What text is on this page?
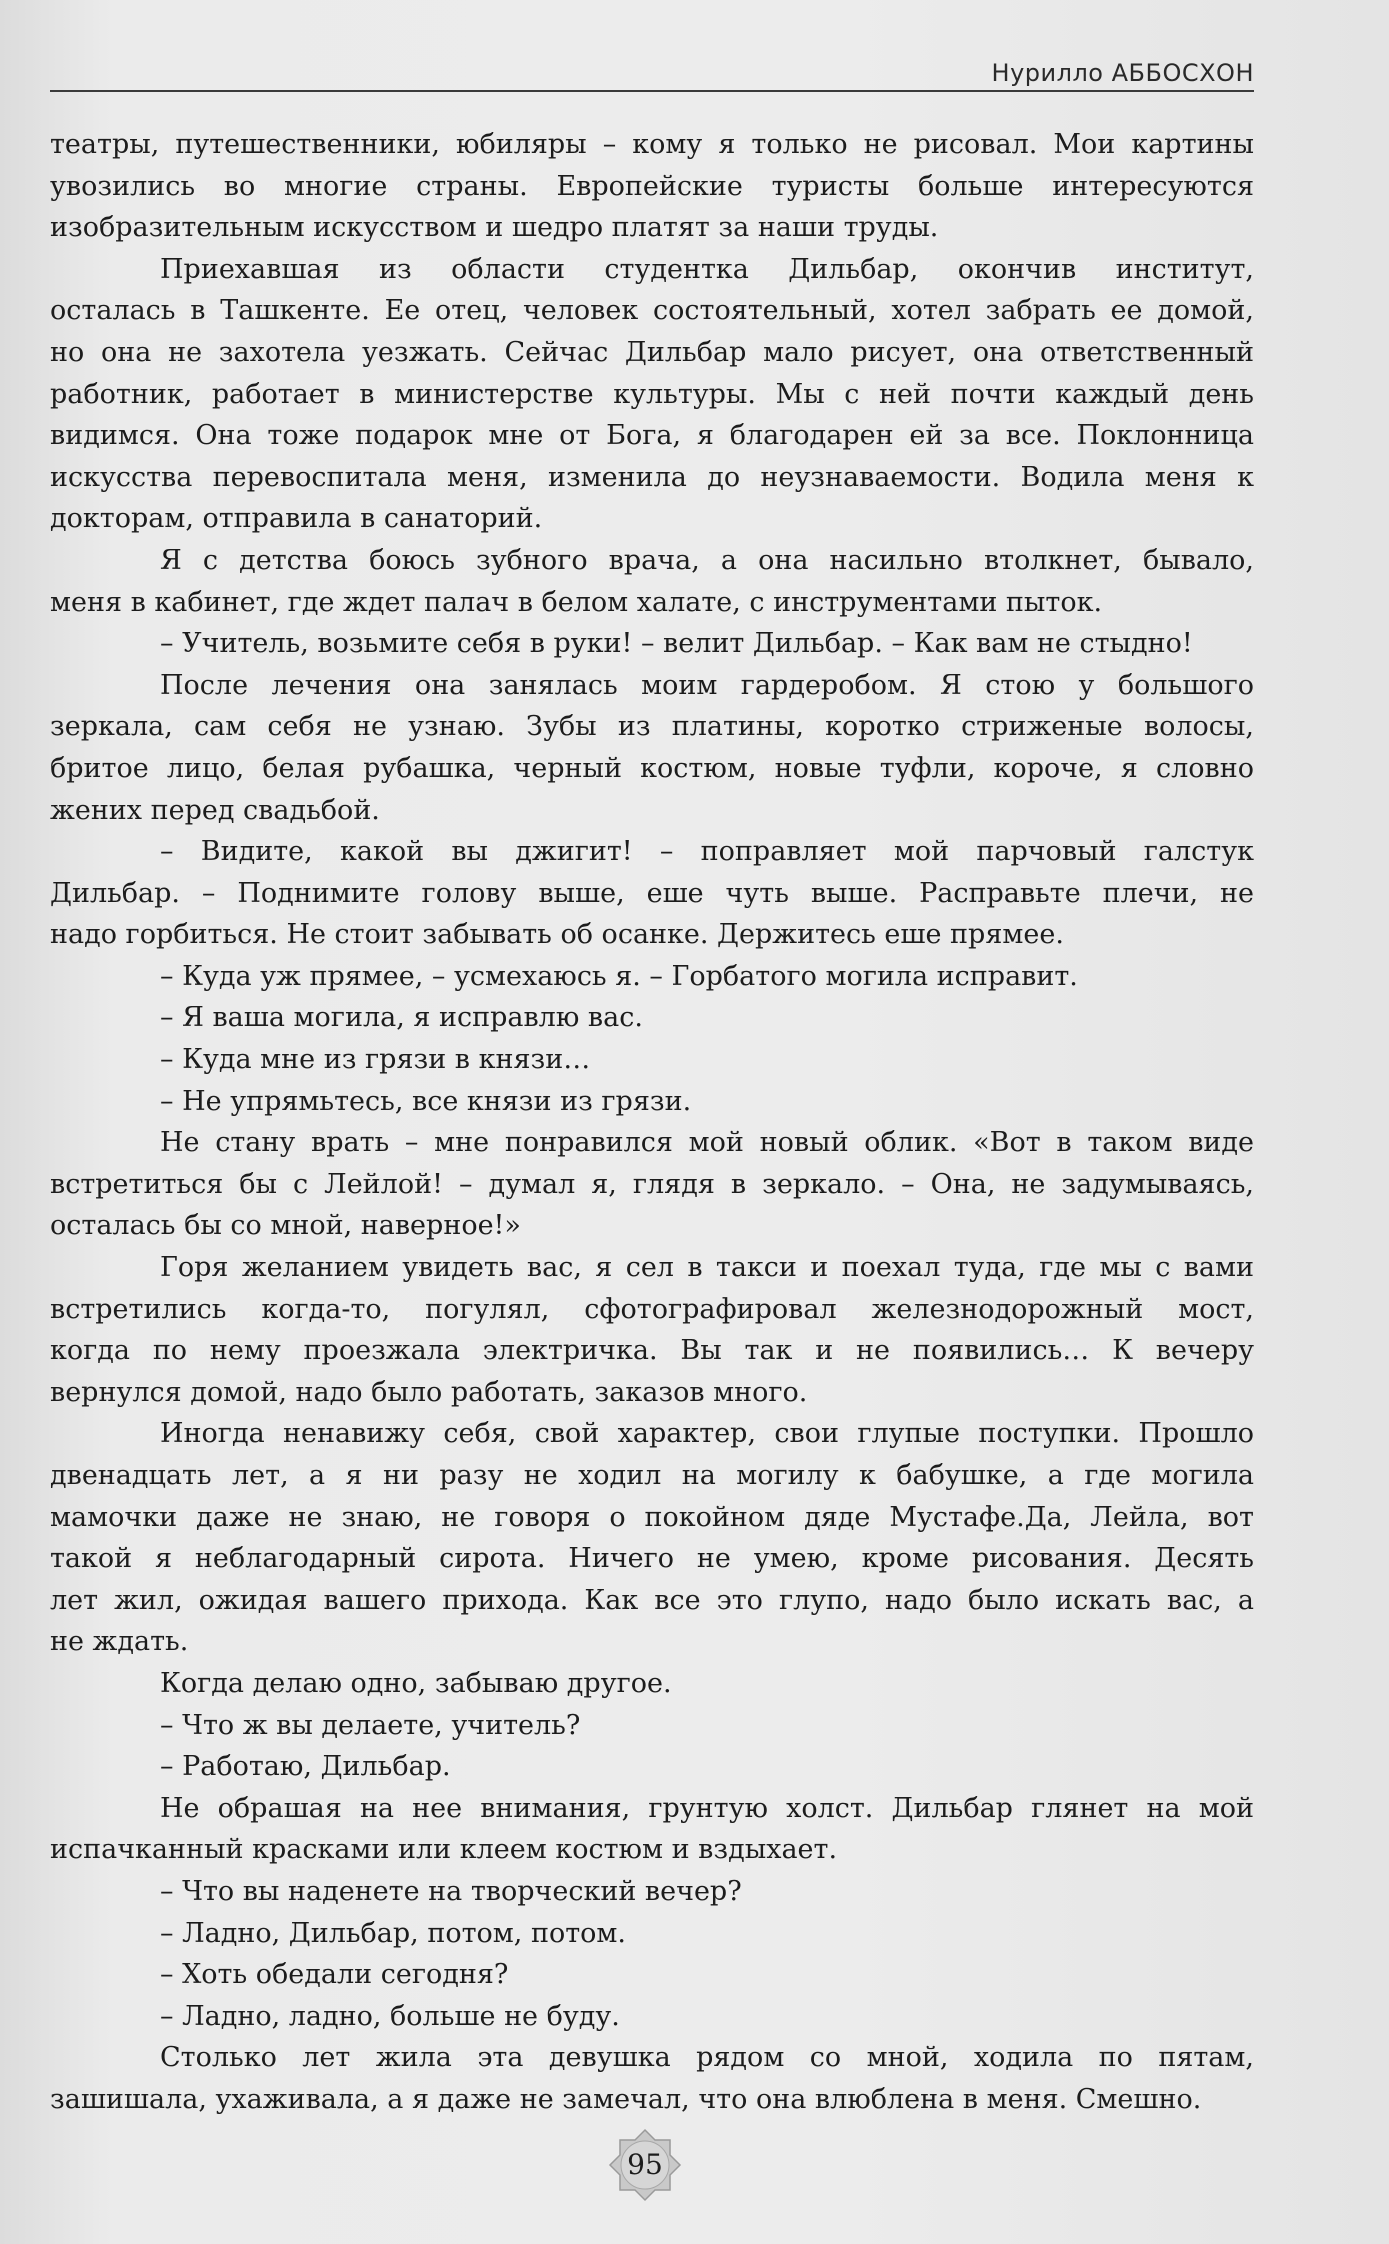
Нурилло АББОСХОН
театры, путешественники, юбиляры – кому я только не рисовал. Мои картины
увозились во многие страны. Европейские туристы больше интересуются
изобразительным искусством и шедро платят за наши труды.
Приехавшая из области студентка Дильбар, окончив институт,
осталась в Ташкенте. Ее отец, человек состоятельный, хотел забрать ее домой,
но она не захотела уезжать. Сейчас Дильбар мало рисует, она ответственный
работник, работает в министерстве культуры. Мы с ней почти каждый день
видимся. Она тоже подарок мне от Бога, я благодарен ей за все. Поклонница
искусства перевоспитала меня, изменила до неузнаваемости. Водила меня к
докторам, отправила в санаторий.
Я с детства боюсь зубного врача, а она насильно втолкнет, бывало,
меня в кабинет, где ждет палач в белом халате, с инструментами пыток.
– Учитель, возьмите себя в руки! – велит Дильбар. – Как вам не стыдно!
После лечения она занялась моим гардеробом. Я стою у большого
зеркала, сам себя не узнаю. Зубы из платины, коротко стриженые волосы,
бритое лицо, белая рубашка, черный костюм, новые туфли, короче, я словно
жених перед свадьбой.
– Видите, какой вы джигит! – поправляет мой парчовый галстук
Дильбар. – Поднимите голову выше, еше чуть выше. Расправьте плечи, не
надо горбиться. Не стоит забывать об осанке. Держитесь еше прямее.
– Куда уж прямее, – усмехаюсь я. – Горбатого могила исправит.
– Я ваша могила, я исправлю вас.
– Куда мне из грязи в князи…
– Не упрямьтесь, все князи из грязи.
Не стану врать – мне понравился мой новый облик. «Вот в таком виде
встретиться бы с Лейлой! – думал я, глядя в зеркало. – Она, не задумываясь,
осталась бы со мной, наверное!»
Горя желанием увидеть вас, я сел в такси и поехал туда, где мы с вами
встретились когда-то, погулял, сфотографировал железнодорожный мост,
когда по нему проезжала электричка. Вы так и не появились… К вечеру
вернулся домой, надо было работать, заказов много.
Иногда ненавижу себя, свой характер, свои глупые поступки. Прошло
двенадцать лет, а я ни разу не ходил на могилу к бабушке, а где могила
мамочки даже не знаю, не говоря о покойном дяде Мустафе.Да, Лейла, вот
такой я неблагодарный сирота. Ничего не умею, кроме рисования. Десять
лет жил, ожидая вашего прихода. Как все это глупо, надо было искать вас, а
не ждать.
Когда делаю одно, забываю другое.
– Что ж вы делаете, учитель?
– Работаю, Дильбар.
Не обрашая на нее внимания, грунтую холст. Дильбар глянет на мой
испачканный красками или клеем костюм и вздыхает.
– Что вы наденете на творческий вечер?
– Ладно, Дильбар, потом, потом.
– Хоть обедали сегодня?
– Ладно, ладно, больше не буду.
Столько лет жила эта девушка рядом со мной, ходила по пятам,
зашишала, ухаживала, а я даже не замечал, что она влюблена в меня. Смешно.
95
